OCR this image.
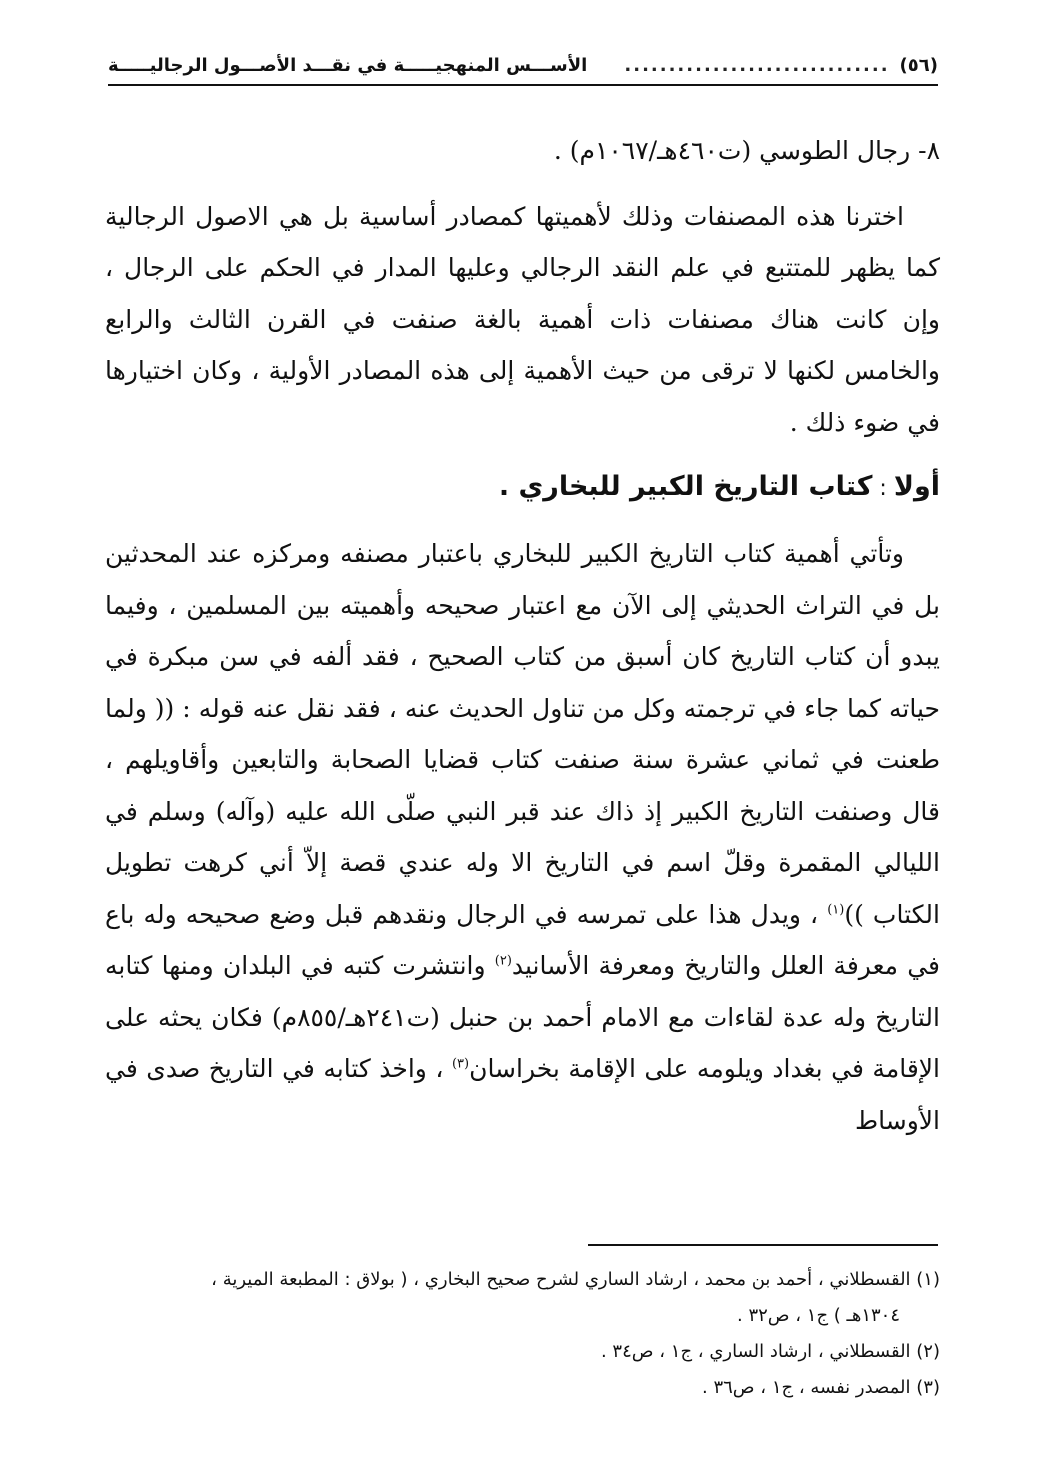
(٥٦)
..............................
الأســـس المنهجيـــــة في نقـــد الأصـــول الرجاليـــــة

٨- رجال الطوسي (ت٤٦٠هـ/١٠٦٧م) .

اخترنا هذه المصنفات وذلك لأهميتها كمصادر أساسية بل هي الاصول الرجالية كما يظهر للمتتبع في علم النقد الرجالي وعليها المدار في الحكم على الرجال ، وإن كانت هناك مصنفات ذات أهمية بالغة صنفت في القرن الثالث والرابع والخامس لكنها لا ترقى من حيث الأهمية إلى هذه المصادر الأولية ، وكان اختيارها في ضوء ذلك .

أولا : كتاب التاريخ الكبير للبخاري .

وتأتي أهمية كتاب التاريخ الكبير للبخاري باعتبار مصنفه ومركزه عند المحدثين بل في التراث الحديثي إلى الآن مع اعتبار صحيحه وأهميته بين المسلمين ، وفيما يبدو أن كتاب التاريخ كان أسبق من كتاب الصحيح ، فقد ألفه في سن مبكرة في حياته كما جاء في ترجمته وكل من تناول الحديث عنه ، فقد نقل عنه قوله : (( ولما طعنت في ثماني عشرة سنة صنفت كتاب قضايا الصحابة والتابعين وأقاويلهم ، قال وصنفت التاريخ الكبير إذ ذاك عند قبر النبي صلّى الله عليه (وآله) وسلم في الليالي المقمرة وقلّ اسم في التاريخ الا وله عندي قصة إلاّ أني كرهت تطويل الكتاب ))$^{(١)}$ ، ويدل هذا على تمرسه في الرجال ونقدهم قبل وضع صحيحه وله باع في معرفة العلل والتاريخ ومعرفة الأسانيد$^{(٢)}$ وانتشرت كتبه في البلدان ومنها كتابه التاريخ وله عدة لقاءات مع الامام أحمد بن حنبل (ت٢٤١هـ/٨٥٥م) فكان يحثه على الإقامة في بغداد ويلومه على الإقامة بخراسان$^{(٣)}$ ، واخذ كتابه في التاريخ صدى في الأوساط

(١) القسطلاني ، أحمد بن محمد ، ارشاد الساري لشرح صحيح البخاري ، ( بولاق : المطبعة الميرية ،

١٣٠٤هـ ) ج١ ، ص٣٢ .

(٢) القسطلاني ، ارشاد الساري ، ج١ ، ص٣٤ .

(٣) المصدر نفسه ، ج١ ، ص٣٦ .
